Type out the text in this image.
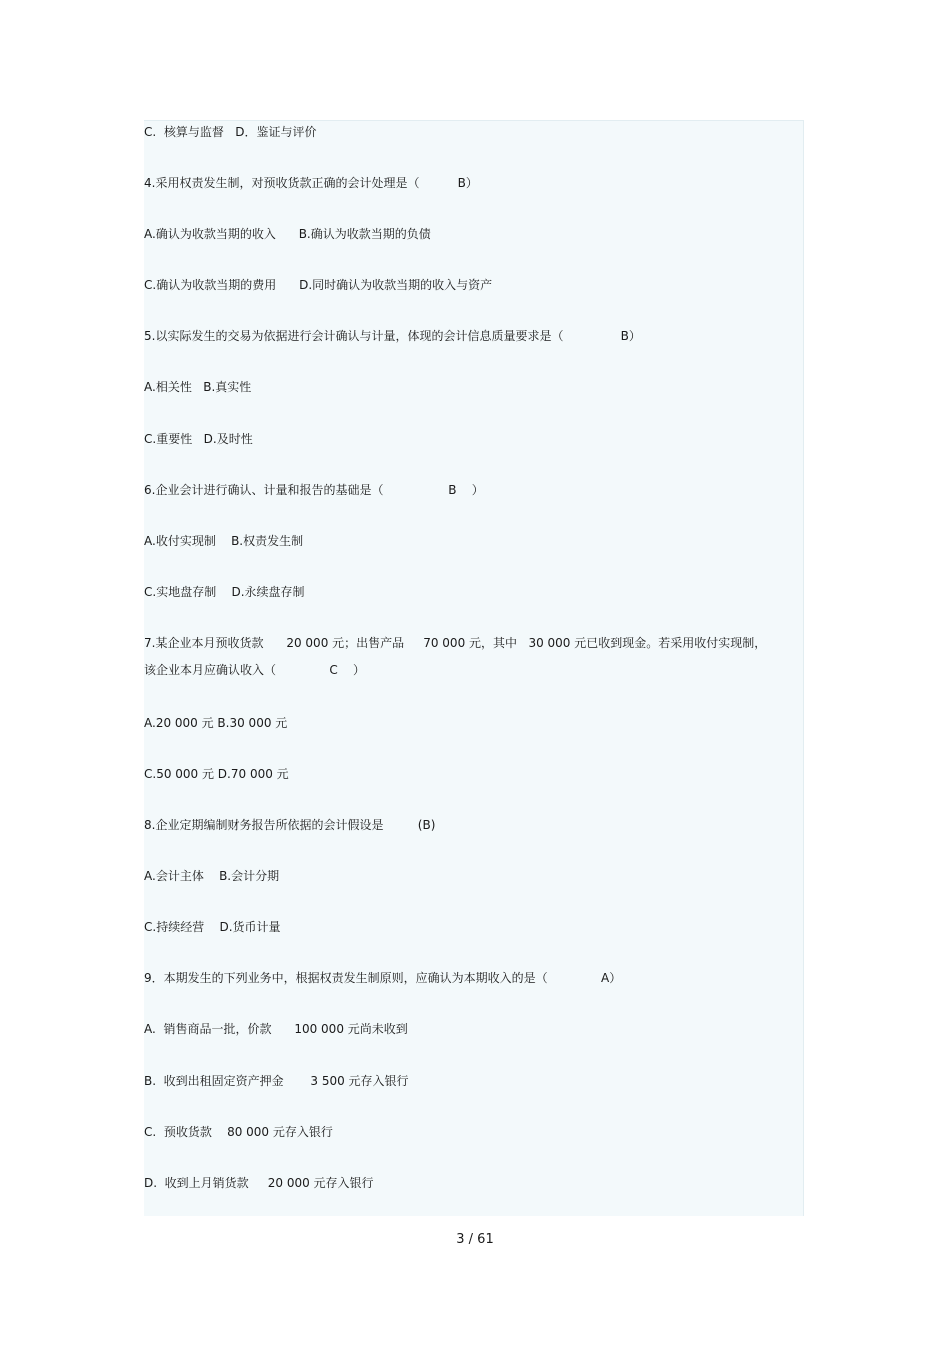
C.  核算与监督   D．鉴证与评价

4.采用权责发生制，对预收货款正确的会计处理是（          B）

A.确认为收款当期的收入      B.确认为收款当期的负债

C.确认为收款当期的费用      D.同时确认为收款当期的收入与资产

5.以实际发生的交易为依据进行会计确认与计量，体现的会计信息质量要求是（               B）

A.相关性   B.真实性

C.重要性   D.及时性

6.企业会计进行确认、计量和报告的基础是（                 B    ）

A.收付实现制    B.权责发生制

C.实地盘存制    D.永续盘存制

7.某企业本月预收货款      20 000 元；出售产品     70 000 元，其中   30 000 元已收到现金。若采用收付实现制，

该企业本月应确认收入（              C    ）

A.20 000 元 B.30 000 元

C.50 000 元 D.70 000 元

8.企业定期编制财务报告所依据的会计假设是         (B)

A.会计主体    B.会计分期

C.持续经营    D.货币计量

9．本期发生的下列业务中，根据权责发生制原则，应确认为本期收入的是（              A）

A.  销售商品一批，价款      100 000 元尚未收到

B.  收到出租固定资产押金       3 500 元存入银行

C.  预收货款    80 000 元存入银行

D.  收到上月销货款     20 000 元存入银行

3 / 61
